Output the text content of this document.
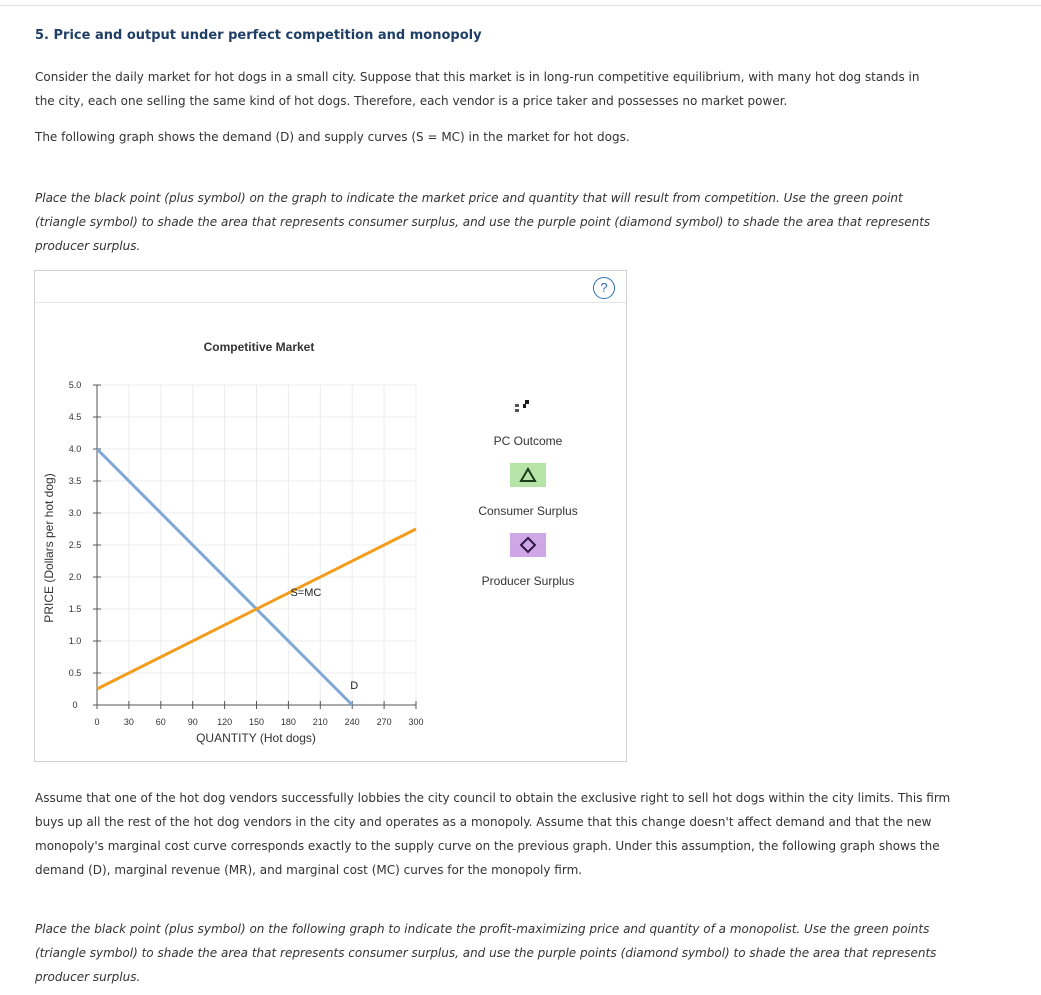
5. Price and output under perfect competition and monopoly
Consider the daily market for hot dogs in a small city. Suppose that this market is in long-run competitive equilibrium, with many hot dog stands in the city, each one selling the same kind of hot dogs. Therefore, each vendor is a price taker and possesses no market power.
The following graph shows the demand (D) and supply curves (S = MC) in the market for hot dogs.
Place the black point (plus symbol) on the graph to indicate the market price and quantity that will result from competition. Use the green point (triangle symbol) to shade the area that represents consumer surplus, and use the purple point (diamond symbol) to shade the area that represents producer surplus.
?
0	30 60 90 120 150 180 210 240 270 300
0
0.5
1.0
1.5
2.0
2.5
3.0
3.5
4.0
4.5
5.0
D
S=MC
Competitive Market
QUANTITY (Hot dogs)
PRICE (Dollars per hot dog)
PC Outcome
Consumer Surplus
Producer Surplus
Assume that one of the hot dog vendors successfully lobbies the city council to obtain the exclusive right to sell hot dogs within the city limits. This firm buys up all the rest of the hot dog vendors in the city and operates as a monopoly. Assume that this change doesn't affect demand and that the new monopoly's marginal cost curve corresponds exactly to the supply curve on the previous graph. Under this assumption, the following graph shows the demand (D), marginal revenue (MR), and marginal cost (MC) curves for the monopoly firm.
Place the black point (plus symbol) on the following graph to indicate the profit-maximizing price and quantity of a monopolist. Use the green points (triangle symbol) to shade the area that represents consumer surplus, and use the purple points (diamond symbol) to shade the area that represents producer surplus.
